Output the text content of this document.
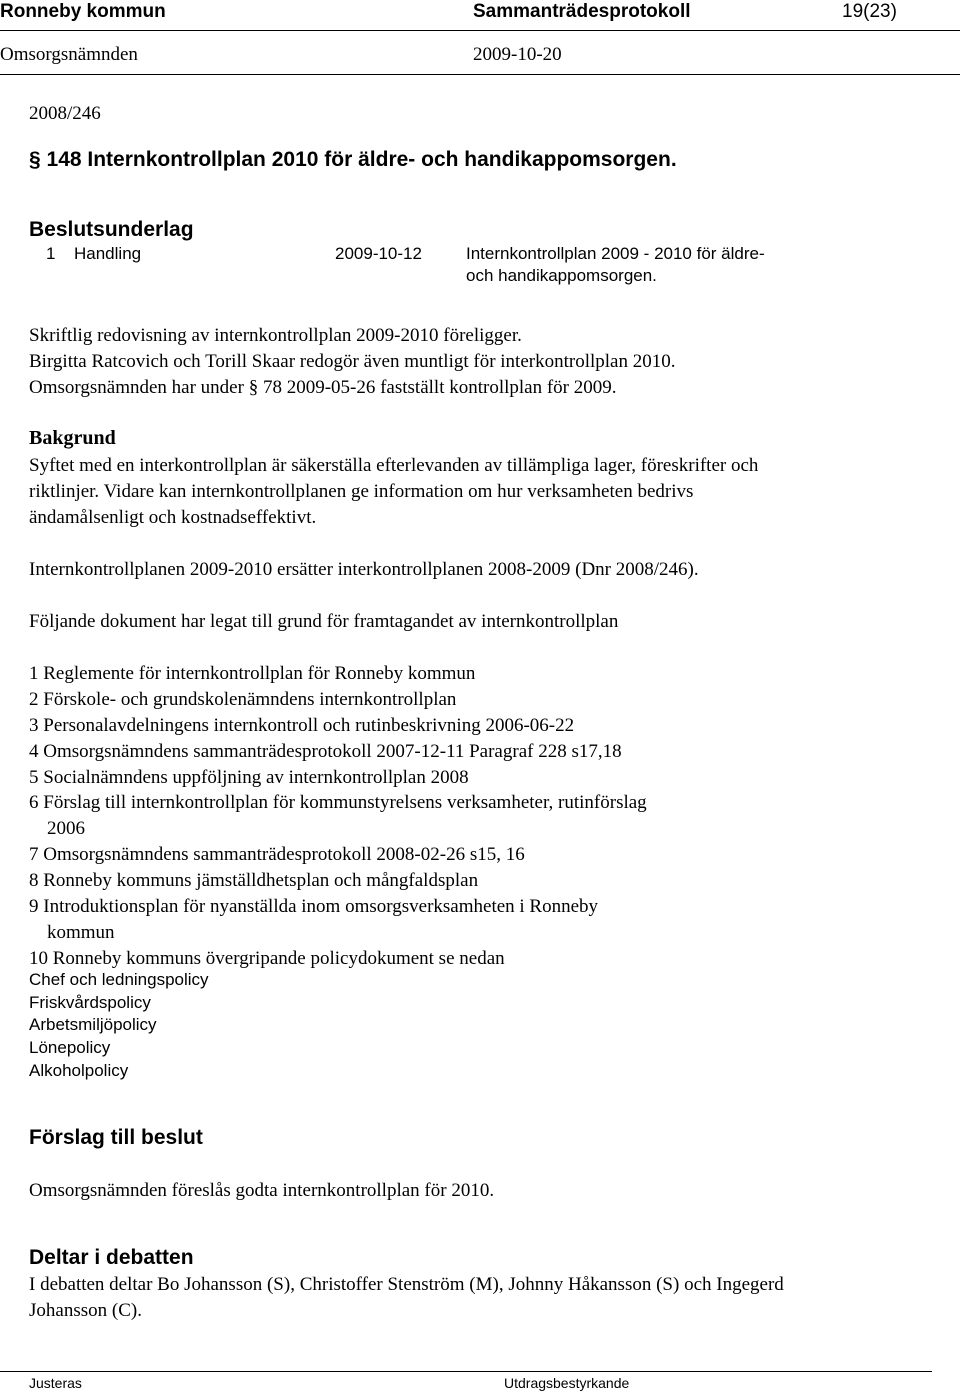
Ronneby kommun	Sammanträdesprotokoll	19(23)
Omsorgsnämnden	2009-10-20
2008/246
§ 148 Internkontrollplan 2010 för äldre- och handikappomsorgen.
Beslutsunderlag
1 Handling	2009-10-12	Internkontrollplan 2009 - 2010 för äldre-
och handikappomsorgen.
Skriftlig redovisning av internkontrollplan 2009-2010 föreligger.
Birgitta Ratcovich och Torill Skaar redogör även muntligt för interkontrollplan 2010.
Omsorgsnämnden har under § 78 2009-05-26 fastställt kontrollplan för 2009.
Bakgrund
Syftet med en interkontrollplan är säkerställa efterlevanden av tillämpliga lager, föreskrifter och
riktlinjer. Vidare kan internkontrollplanen ge information om hur verksamheten bedrivs
ändamålsenligt och kostnadseffektivt.
Internkontrollplanen 2009-2010 ersätter interkontrollplanen 2008-2009 (Dnr 2008/246).
Följande dokument har legat till grund för framtagandet av internkontrollplan
1 Reglemente för internkontrollplan för Ronneby kommun
2 Förskole- och grundskolenämndens internkontrollplan
3 Personalavdelningens internkontroll och rutinbeskrivning 2006-06-22
4 Omsorgsnämndens sammanträdesprotokoll 2007-12-11 Paragraf 228 s17,18
5 Socialnämndens uppföljning av internkontrollplan 2008
6 Förslag till internkontrollplan för kommunstyrelsens verksamheter, rutinförslag
2006
7 Omsorgsnämndens sammanträdesprotokoll 2008-02-26 s15, 16
8 Ronneby kommuns jämställdhetsplan och mångfaldsplan
9 Introduktionsplan för nyanställda inom omsorgsverksamheten i Ronneby
kommun
10 Ronneby kommuns övergripande policydokument se nedan
Chef och ledningspolicy
Friskvårdspolicy
Arbetsmiljöpolicy
Lönepolicy
Alkoholpolicy
Förslag till beslut
Omsorgsnämnden föreslås godta internkontrollplan för 2010.
Deltar i debatten
I debatten deltar Bo Johansson (S), Christoffer Stenström (M), Johnny Håkansson (S) och Ingegerd
Johansson (C).
Justeras	Utdragsbestyrkande
